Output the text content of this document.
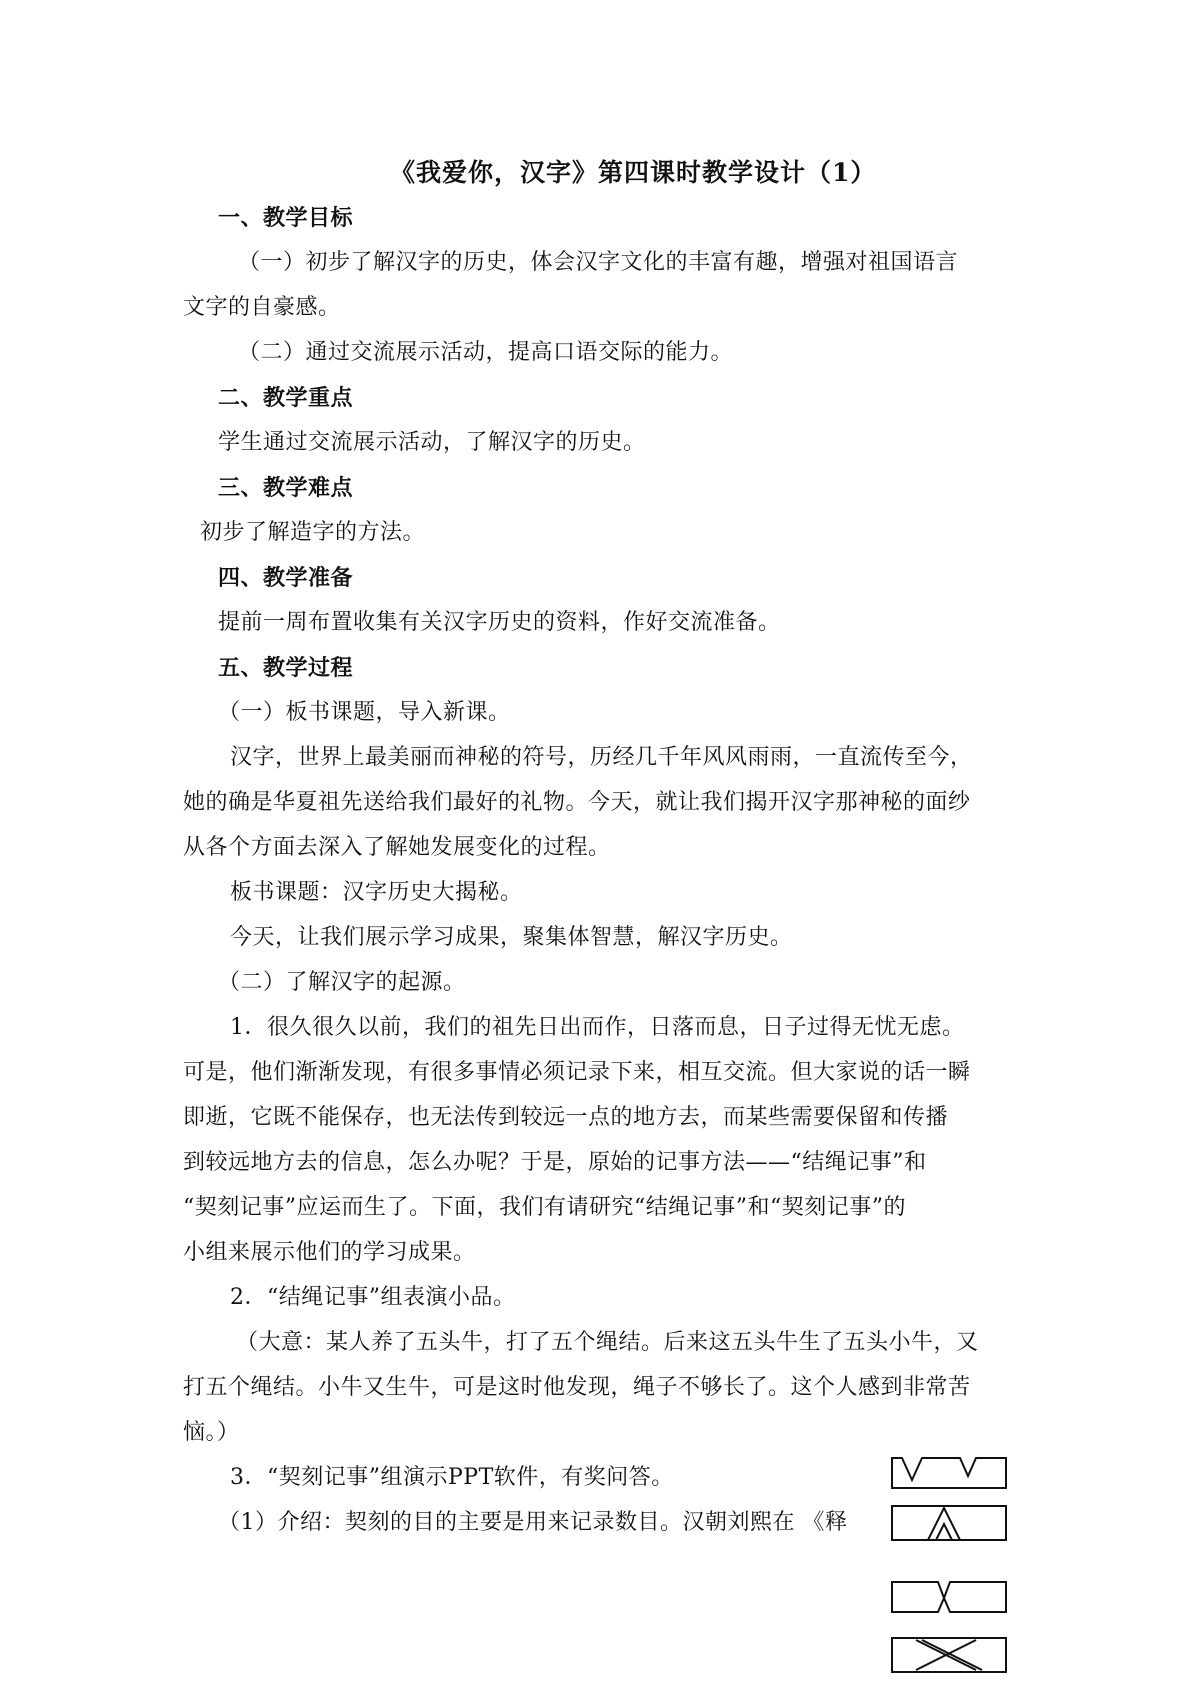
《我爱你，汉字》第四课时教学设计（1）
一、教学目标
（一）初步了解汉字的历史，体会汉字文化的丰富有趣，增强对祖国语言
文字的自豪感。
（二）通过交流展示活动，提高口语交际的能力。
二、教学重点
学生通过交流展示活动，了解汉字的历史。
三、教学难点
初步了解造字的方法。
四、教学准备
提前一周布置收集有关汉字历史的资料，作好交流准备。
五、教学过程
（一）板书课题，导入新课。
汉字，世界上最美丽而神秘的符号，历经几千年风风雨雨，一直流传至今，
她的确是华夏祖先送给我们最好的礼物。今天，就让我们揭开汉字那神秘的面纱
从各个方面去深入了解她发展变化的过程。
板书课题：汉字历史大揭秘。
今天，让我们展示学习成果，聚集体智慧，解汉字历史。
（二）了解汉字的起源。
1．很久很久以前，我们的祖先日出而作，日落而息，日子过得无忧无虑。
可是，他们渐渐发现，有很多事情必须记录下来，相互交流。但大家说的话一瞬
即逝，它既不能保存，也无法传到较远一点的地方去，而某些需要保留和传播
到较远地方去的信息，怎么办呢？于是，原始的记事方法——“结绳记事”和
“契刻记事”应运而生了。下面，我们有请研究“结绳记事”和“契刻记事”的
小组来展示他们的学习成果。
2．“结绳记事”组表演小品。
（大意：某人养了五头牛，打了五个绳结。后来这五头牛生了五头小牛，又
打五个绳结。小牛又生牛，可是这时他发现，绳子不够长了。这个人感到非常苦
恼。）
3．“契刻记事”组演示PPT软件，有奖问答。
（1）介绍：契刻的目的主要是用来记录数目。汉朝刘熙在 《释
